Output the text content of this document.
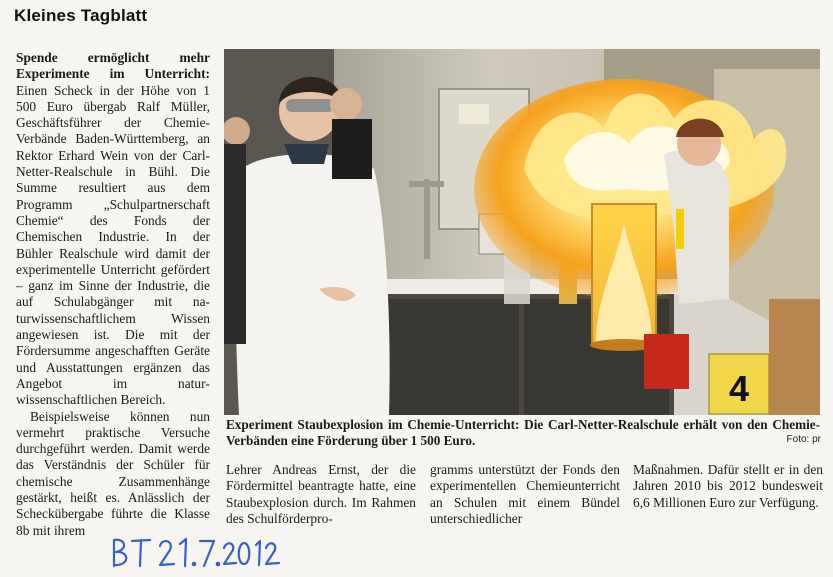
Kleines Tagblatt

Spende ermöglicht mehr Experimente im Unterricht: Einen Scheck in der Höhe von 1 500 Euro übergab Ralf Müller, Geschäftsführer der Chemie-Verbände Baden-Württemberg, an Rektor Erhard Wein von der Carl-Netter-Realschule in Bühl. Die Summe resultiert aus dem Programm „Schulpartnerschaft Chemie“ des Fonds der Chemischen Industrie. In der Bühler Realschule wird damit der experimentelle Unterricht gefördert – ganz im Sinne der Industrie, die auf Schulabgänger mit naturwissenschaftlichem Wissen angewiesen ist. Die mit der Fördersumme angeschafften Geräte und Ausstattungen ergänzen das Angebot im naturwissenschaftlichen Bereich.

Beispielsweise können nun vermehrt praktische Versuche durchgeführt werden. Damit werde das Verständnis der Schüler für chemische Zusammenhänge gestärkt, heißt es. Anlässlich der Scheckübergabe führte die Klasse 8b mit ihrem

4
Experiment Staubexplosion im Chemie-Unterricht: Die Carl-Netter-Realschule erhält von den Chemie-Verbänden eine Förderung über 1 500 Euro.	Foto: pr

Lehrer Andreas Ernst, der die Fördermittel beantragte hatte, eine Staubexplosion durch. Im Rahmen des Schulförderpro-

gramms unterstützt der Fonds den experimentellen Chemieunterricht an Schulen mit einem Bündel unterschiedlicher

Maßnahmen. Dafür stellt er in den Jahren 2010 bis 2012 bundesweit 6,6 Millionen Euro zur Verfügung.
